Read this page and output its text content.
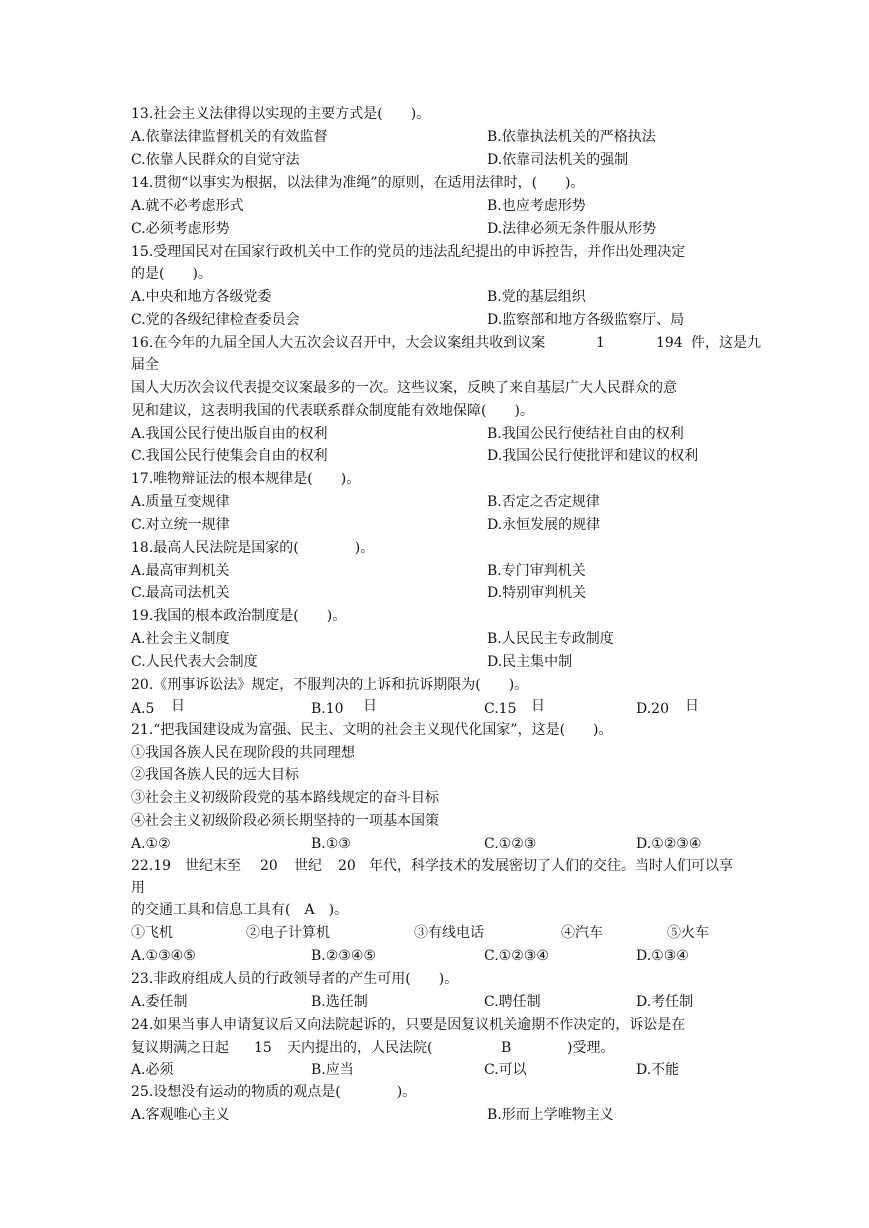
13.社会主义法律得以实现的主要方式是(　　)。
A.依靠法律监督机关的有效监督	B.依靠执法机关的严格执法
C.依靠人民群众的自觉守法	D.依靠司法机关的强制
14.贯彻“以事实为根据，以法律为准绳”的原则，在适用法律时，(　　)。
A.就不必考虑形式	B.也应考虑形势
C.必须考虑形势	D.法律必须无条件服从形势
15.受理国民对在国家行政机关中工作的党员的违法乱纪提出的申诉控告，并作出处理决定
的是(　　)。
A.中央和地方各级党委	B.党的基层组织
C.党的各级纪律检查委员会	D.监察部和地方各级监察厅、局
16.在今年的九届全国人大五次会议召开中，大会议案组共收到议案	1	194 件，这是九
届全
国人大历次会议代表提交议案最多的一次。这些议案，反映了来自基层广大人民群众的意
见和建议，这表明我国的代表联系群众制度能有效地保障(　　)。
A.我国公民行使出版自由的权利	B.我国公民行使结社自由的权利
C.我国公民行使集会自由的权利	D.我国公民行使批评和建议的权利
17.唯物辩证法的根本规律是(　　)。
A.质量互变规律	B.否定之否定规律
C.对立统一规律	D.永恒发展的规律
18.最高人民法院是国家的(　　　　)。
A.最高审判机关	B.专门审判机关
C.最高司法机关	D.特别审判机关
19.我国的根本政治制度是(　　)。
A.社会主义制度	B.人民民主专政制度
C.人民代表大会制度	D.民主集中制
20.《刑事诉讼法》规定，不服判决的上诉和抗诉期限为(　　)。
A.5 日	B.10 日	C.15 日	D.20 日
21.“把我国建设成为富强、民主、文明的社会主义现代化国家”，这是(　　)。
①我国各族人民在现阶段的共同理想
②我国各族人民的远大目标
③社会主义初级阶段党的基本路线规定的奋斗目标
④社会主义初级阶段必须长期坚持的一项基本国策
A.①②	B.①③	C.①②③	D.①②③④
22.19 世纪末至 20 世纪 20 年代，科学技术的发展密切了人们的交往。当时人们可以享
用
的交通工具和信息工具有(　A　)。
①飞机	②电子计算机	③有线电话	④汽车	⑤火车
A.①③④⑤	B.②③④⑤	C.①②③④	D.①③④
23.非政府组成人员的行政领导者的产生可用(　　)。
A.委任制	B.选任制	C.聘任制	D.考任制
24.如果当事人申请复议后又向法院起诉的，只要是因复议机关逾期不作决定的，诉讼是在
复议期满之日起 15 天内提出的，人民法院(	B	)受理。
A.必须	B.应当	C.可以	D.不能
25.设想没有运动的物质的观点是(　　　　)。
A.客观唯心主义	B.形而上学唯物主义
